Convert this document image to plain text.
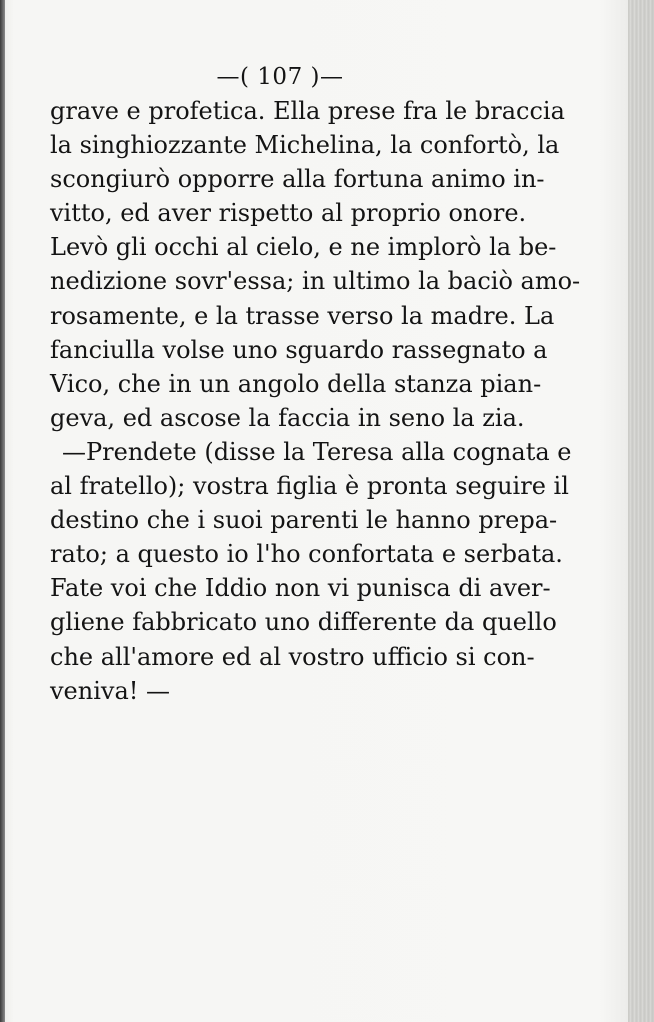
—( 107 )—
grave e profetica. Ella prese fra le braccia
la singhiozzante Michelina, la confortò, la
scongiurò opporre alla fortuna animo in-
vitto, ed aver rispetto al proprio onore.
Levò gli occhi al cielo, e ne implorò la be-
nedizione sovr'essa; in ultimo la baciò amo-
rosamente, e la trasse verso la madre. La
fanciulla volse uno sguardo rassegnato a
Vico, che in un angolo della stanza pian-
geva, ed ascose la faccia in seno la zia.
—Prendete (disse la Teresa alla cognata e
al fratello); vostra figlia è pronta seguire il
destino che i suoi parenti le hanno prepa-
rato; a questo io l'ho confortata e serbata.
Fate voi che Iddio non vi punisca di aver-
gliene fabbricato uno differente da quello
che all'amore ed al vostro ufficio si con-
veniva! —
